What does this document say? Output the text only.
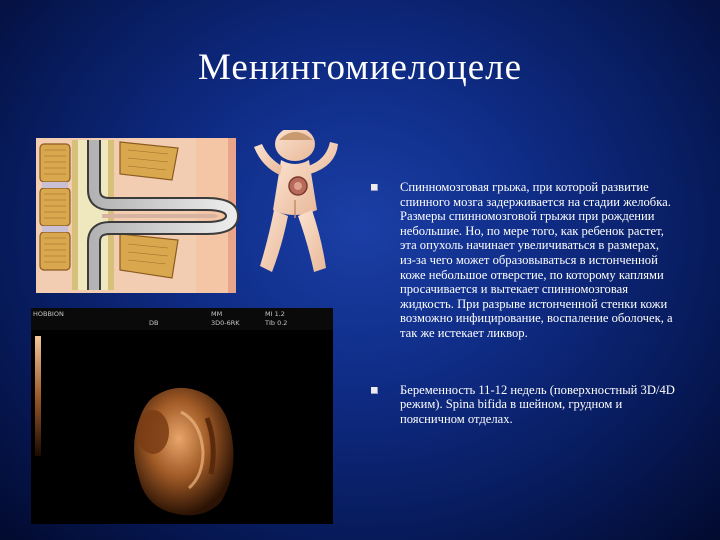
Менингомиелоцеле
HOBBION
DB
MM
3D0-6RK
MI 1.2
TIb 0.2
Спинномозговая грыжа, при которой развитие спинного мозга задерживается на стадии желобка. Размеры спинномозговой грыжи при рождении небольшие. Но, по мере того, как ребенок растет, эта опухоль начинает увеличиваться в размерах, из-за чего может образовываться в истонченной коже небольшое отверстие, по которому каплями просачивается и вытекает спинномозговая жидкость. При разрыве истонченной стенки кожи возможно инфицирование, воспаление оболочек, а так же истекает ликвор.
Беременность 11-12 недель (поверхностный 3D/4D режим). Spina bifida в шейном, грудном и поясничном отделах.
